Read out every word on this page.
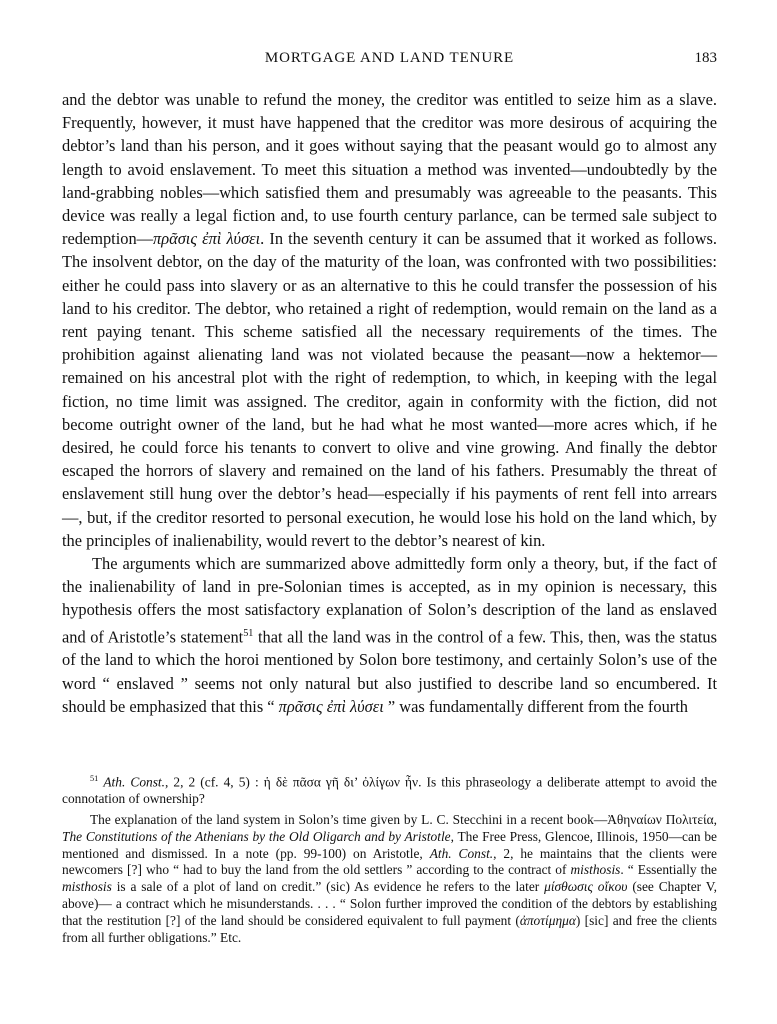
MORTGAGE AND LAND TENURE	183

and the debtor was unable to refund the money, the creditor was entitled to seize him as a slave. Frequently, however, it must have happened that the creditor was more desirous of acquiring the debtor’s land than his person, and it goes without saying that the peasant would go to almost any length to avoid enslavement. To meet this situation a method was invented—undoubtedly by the land-grabbing nobles—which satisfied them and presumably was agreeable to the peasants. This device was really a legal fiction and, to use fourth century parlance, can be termed sale subject to redemption—πρᾶσις ἐπὶ λύσει. In the seventh century it can be assumed that it worked as follows. The insolvent debtor, on the day of the maturity of the loan, was confronted with two possibilities: either he could pass into slavery or as an alternative to this he could transfer the possession of his land to his creditor. The debtor, who retained a right of redemption, would remain on the land as a rent paying tenant. This scheme satisfied all the necessary requirements of the times. The prohibition against alienating land was not violated because the peasant—now a hektemor—remained on his ancestral plot with the right of redemption, to which, in keeping with the legal fiction, no time limit was assigned. The creditor, again in conformity with the fiction, did not become outright owner of the land, but he had what he most wanted—more acres which, if he desired, he could force his tenants to convert to olive and vine growing. And finally the debtor escaped the horrors of slavery and remained on the land of his fathers. Presumably the threat of enslavement still hung over the debtor’s head—especially if his payments of rent fell into arrears—, but, if the creditor resorted to personal execution, he would lose his hold on the land which, by the principles of inalienability, would revert to the debtor’s nearest of kin.

The arguments which are summarized above admittedly form only a theory, but, if the fact of the inalienability of land in pre-Solonian times is accepted, as in my opinion is necessary, this hypothesis offers the most satisfactory explanation of Solon’s description of the land as enslaved and of Aristotle’s statement$^{51}$ that all the land was in the control of a few. This, then, was the status of the land to which the horoi mentioned by Solon bore testimony, and certainly Solon’s use of the word “ enslaved ” seems not only natural but also justified to describe land so encumbered. It should be emphasized that this “ πρᾶσις ἐπὶ λύσει ” was fundamentally different from the fourth

$^{51}$ Ath. Const., 2, 2 (cf. 4, 5) : ἡ δὲ πᾶσα γῆ δι’ ὀλίγων ἦν. Is this phraseology a deliberate attempt to avoid the connotation of ownership?

The explanation of the land system in Solon’s time given by L. C. Stecchini in a recent book—Ἀθηναίων Πολιτεία, The Constitutions of the Athenians by the Old Oligarch and by Aristotle, The Free Press, Glencoe, Illinois, 1950—can be mentioned and dismissed. In a note (pp. 99-100) on Aristotle, Ath. Const., 2, he maintains that the clients were newcomers [?] who “ had to buy the land from the old settlers ” according to the contract of misthosis. “ Essentially the misthosis is a sale of a plot of land on credit.” (sic) As evidence he refers to the later μίσθωσις οἴκου (see Chapter V, above)— a contract which he misunderstands. . . . “ Solon further improved the condition of the debtors by establishing that the restitution [?] of the land should be considered equivalent to full payment (ἀποτίμημα) [sic] and free the clients from all further obligations.” Etc.
